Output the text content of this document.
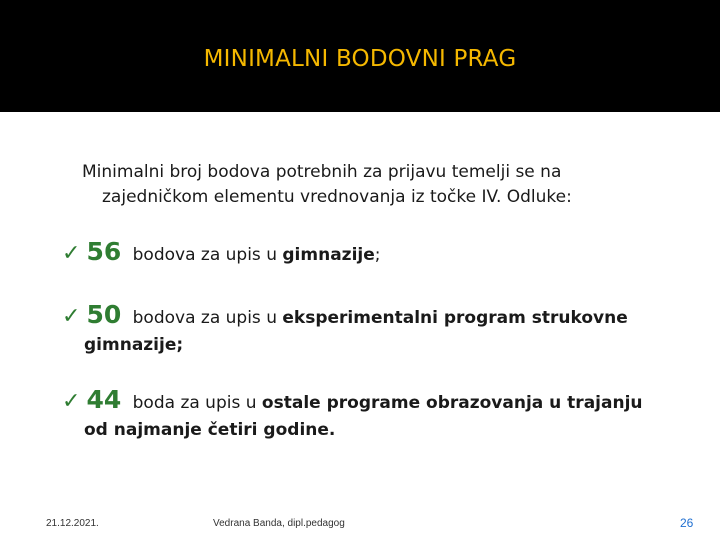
MINIMALNI BODOVNI PRAG
Minimalni broj bodova potrebnih za prijavu temelji se na
zajedničkom elementu vrednovanja iz točke IV. Odluke:
✓ 56 bodova za upis u gimnazije;
✓ 50 bodova za upis u eksperimentalni program strukovne
gimnazije;
✓ 44 boda za upis u ostale programe obrazovanja u trajanju
od najmanje četiri godine.
21.12.2021.	Vedrana Banda, dipl.pedagog	26
